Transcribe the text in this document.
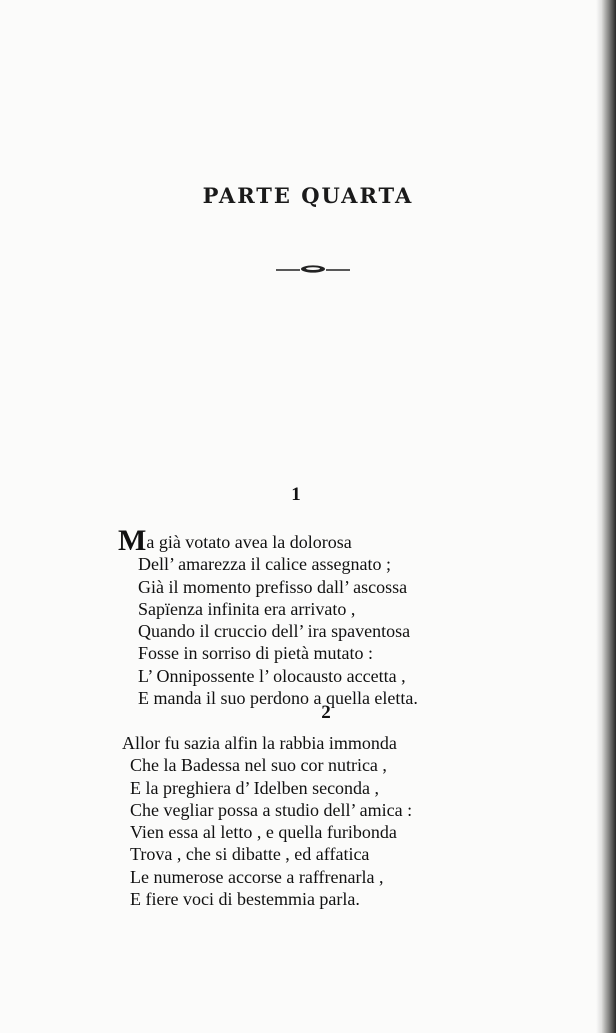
PARTE QUARTA
1
Ma già votato avea la dolorosa
Dell’ amarezza il calice assegnato ;
Già il momento prefisso dall’ ascossa
Sapïenza infinita era arrivato ,
Quando il cruccio dell’ ira spaventosa
Fosse in sorriso di pietà mutato :
L’ Onnipossente l’ olocausto accetta ,
E manda il suo perdono a quella eletta.
2
Allor fu sazia alfin la rabbia immonda
Che la Badessa nel suo cor nutrica ,
E la preghiera d’ Idelben seconda ,
Che vegliar possa a studio dell’ amica :
Vien essa al letto , e quella furibonda
Trova , che si dibatte , ed affatica
Le numerose accorse a raffrenarla ,
E fiere voci di bestemmia parla.
